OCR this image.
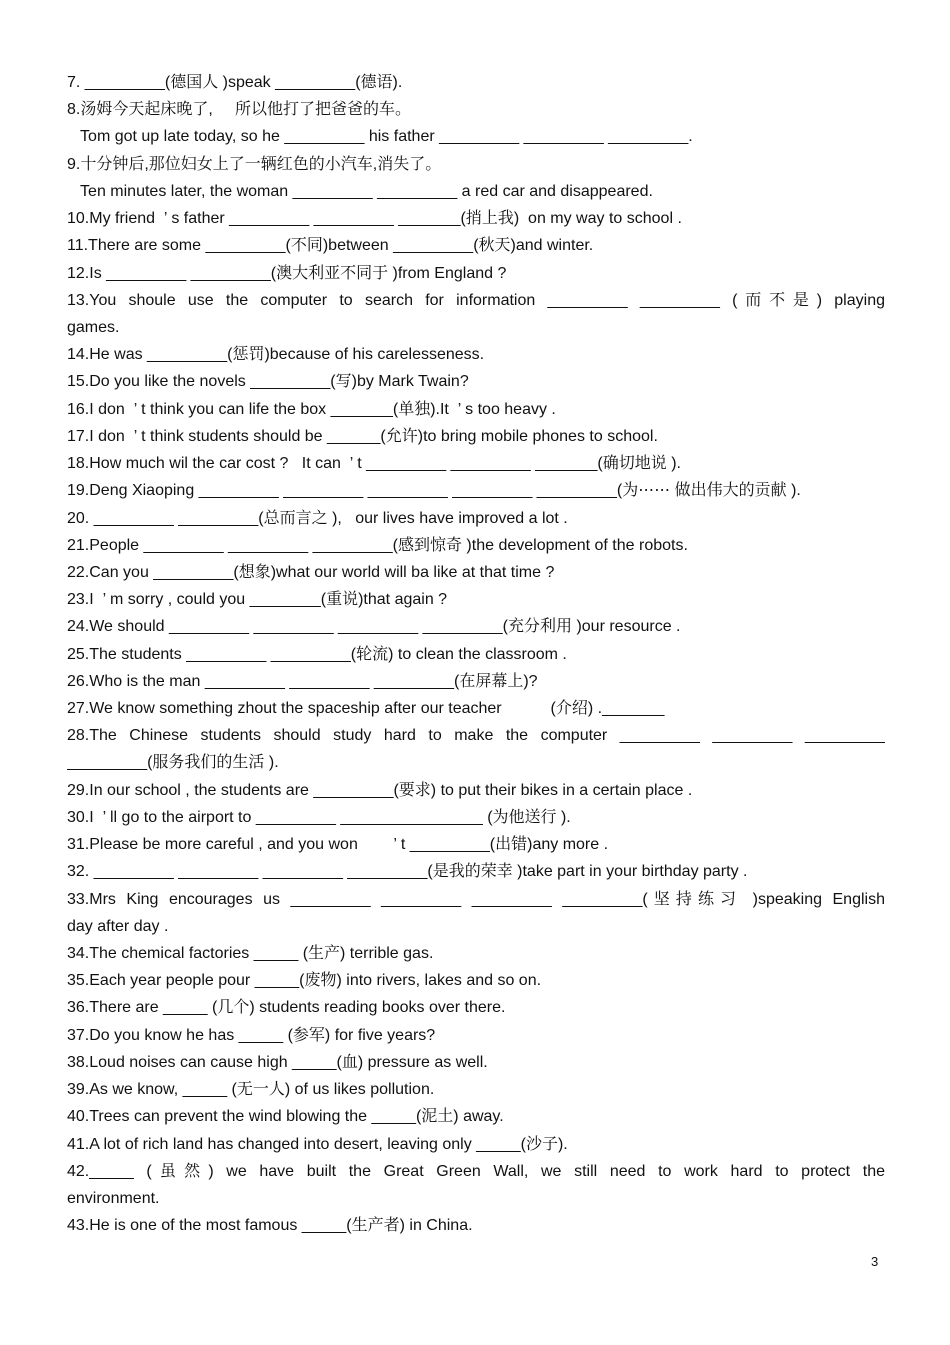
7. _________(德国人 )speak _________(德语).
8.汤姆今天起床晚了,     所以他打了把爸爸的车。
Tom got up late today, so he _________ his father _________ _________ _________.
9.十分钟后,那位妇女上了一辆红色的小汽车,消失了。
Ten minutes later, the woman _________ _________ a red car and disappeared.
10.My friend  ’ s father _________ _________ _______(捎上我)  on my way to school .
11.There are some _________(不同)between _________(秋天)and winter.
12.Is _________ _________(澳大利亚不同于 )from England ?
13.You shoule use the computer to search for information _________ _________ (而不是) playing
games.
14.He was _________(惩罚)because of his carelesseness.
15.Do you like the novels _________(写)by Mark Twain?
16.I don  ’ t think you can life the box _______(单独).It  ’ s too heavy .
17.I don  ’ t think students should be ______(允许)to bring mobile phones to school.
18.How much wil the car cost ?   It can  ’ t _________ _________ _______(确切地说 ).
19.Deng Xiaoping _________ _________ _________ _________ _________(为⋯⋯ 做出伟大的贡献 ).
20. _________ _________(总而言之 ),   our lives have improved a lot .
21.People _________ _________ _________(感到惊奇 )the development of the robots.
22.Can you _________(想象)what our world will ba like at that time ?
23.I  ’ m sorry , could you ________(重说)that again ?
24.We should _________ _________ _________ _________(充分利用 )our resource .
25.The students _________ _________(轮流) to clean the classroom .
26.Who is the man _________ _________ _________(在屏幕上)?
27.We know something zhout the spaceship after our teacher           (介绍) ._______
28.The Chinese students should study hard to make the computer _________ _________ _________
_________(服务我们的生活 ).
29.In our school , the students are _________(要求) to put their bikes in a certain place .
30.I  ’ ll go to the airport to _________ ________________ (为他送行 ).
31.Please be more careful , and you won        ’ t _________(出错)any more .
32. _________ _________ _________ _________(是我的荣幸 )take part in your birthday party .
33.Mrs King encourages us _________ _________ _________ _________(坚持练习 )speaking English
day after day .
34.The chemical factories _____ (生产) terrible gas.
35.Each year people pour _____(废物) into rivers, lakes and so on.
36.There are _____ (几个) students reading books over there.
37.Do you know he has _____ (参军) for five years?
38.Loud noises can cause high _____(血) pressure as well.
39.As we know, _____ (无一人) of us likes pollution.
40.Trees can prevent the wind blowing the _____(泥土) away.
41.A lot of rich land has changed into desert, leaving only _____(沙子).
42._____ (虽然) we have built the Great Green Wall, we still need to work hard to protect the
environment.
43.He is one of the most famous _____(生产者) in China.
3
